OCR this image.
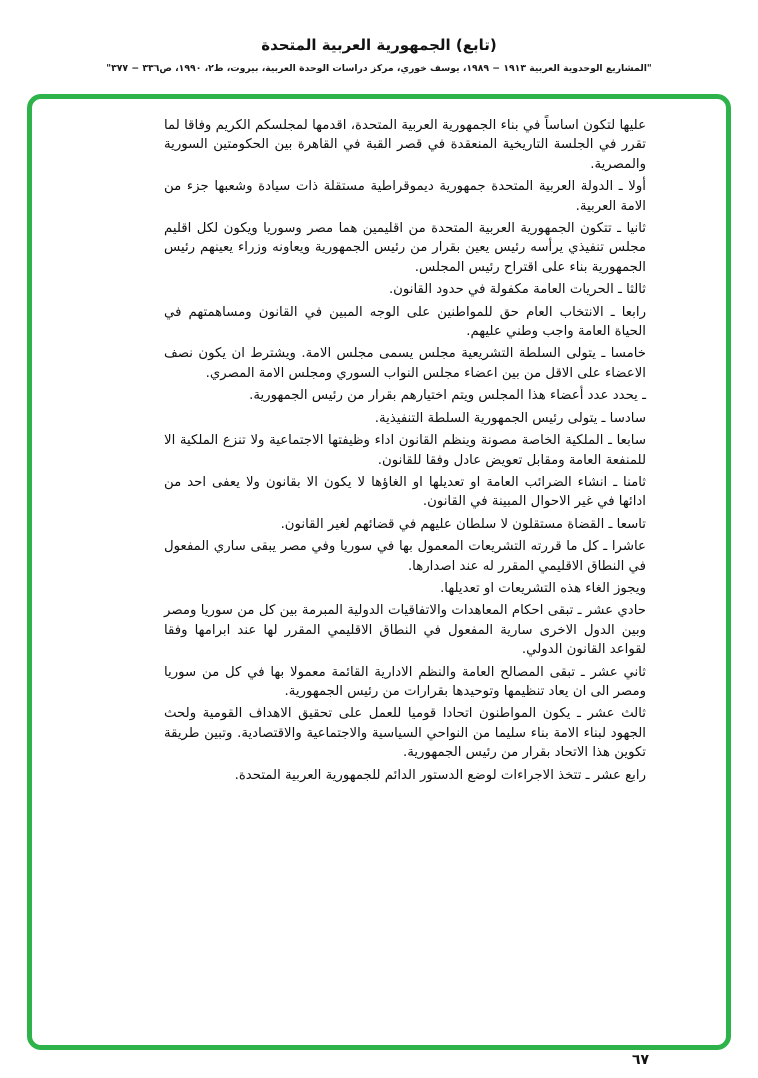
(تابع) الجمهورية العربية المتحدة
"المشاريع الوحدوية العربية ١٩١٣ − ١٩٨٩، يوسف خوري، مركز دراسات الوحدة العربية، بيروت، ط٢، ١٩٩٠، ص٣٣٦ − ٣٧٧"
عليها لتكون اساساً في بناء الجمهورية العربية المتحدة، اقدمها لمجلسكم الكريم وفاقا لما تقرر في الجلسة التاريخية المنعقدة في قصر القبة في القاهرة بين الحكومتين السورية والمصرية.
أولا ـ الدولة العربية المتحدة جمهورية ديموقراطية مستقلة ذات سيادة وشعبها جزء من الامة العربية.
ثانيا ـ تتكون الجمهورية العربية المتحدة من اقليمين هما مصر وسوريا ويكون لكل اقليم مجلس تنفيذي يرأسه رئيس يعين بقرار من رئيس الجمهورية ويعاونه وزراء يعينهم رئيس الجمهورية بناء على اقتراح رئيس المجلس.
ثالثا ـ الحريات العامة مكفولة في حدود القانون.
رابعا ـ الانتخاب العام حق للمواطنين على الوجه المبين في القانون ومساهمتهم في الحياة العامة واجب وطني عليهم.
خامسا ـ يتولى السلطة التشريعية مجلس يسمى مجلس الامة. ويشترط ان يكون نصف الاعضاء على الاقل من بين اعضاء مجلس النواب السوري ومجلس الامة المصري.
ـ يحدد عدد أعضاء هذا المجلس ويتم اختيارهم بقرار من رئيس الجمهورية.
سادسا ـ يتولى رئيس الجمهورية السلطة التنفيذية.
سابعا ـ الملكية الخاصة مصونة وينظم القانون اداء وظيفتها الاجتماعية ولا تنزع الملكية الا للمنفعة العامة ومقابل تعويض عادل وفقا للقانون.
ثامنا ـ انشاء الضرائب العامة او تعديلها او الغاؤها لا يكون الا بقانون ولا يعفى احد من ادائها في غير الاحوال المبينة في القانون.
تاسعا ـ القضاة مستقلون لا سلطان عليهم في قضائهم لغير القانون.
عاشرا ـ كل ما قررته التشريعات المعمول بها في سوريا وفي مصر يبقى ساري المفعول في النطاق الاقليمي المقرر له عند اصدارها.
ويجوز الغاء هذه التشريعات او تعديلها.
حادي عشر ـ تبقى احكام المعاهدات والاتفاقيات الدولية المبرمة بين كل من سوريا ومصر وبين الدول الاخرى سارية المفعول في النطاق الاقليمي المقرر لها عند ابرامها وفقا لقواعد القانون الدولي.
ثاني عشر ـ تبقى المصالح العامة والنظم الادارية القائمة معمولا بها في كل من سوريا ومصر الى ان يعاد تنظيمها وتوحيدها بقرارات من رئيس الجمهورية.
ثالث عشر ـ يكون المواطنون اتحادا قوميا للعمل على تحقيق الاهداف القومية ولحث الجهود لبناء الامة بناء سليما من النواحي السياسية والاجتماعية والاقتصادية. وتبين طريقة تكوين هذا الاتحاد بقرار من رئيس الجمهورية.
رابع عشر ـ تتخذ الاجراءات لوضع الدستور الدائم للجمهورية العربية المتحدة.
٦٧
